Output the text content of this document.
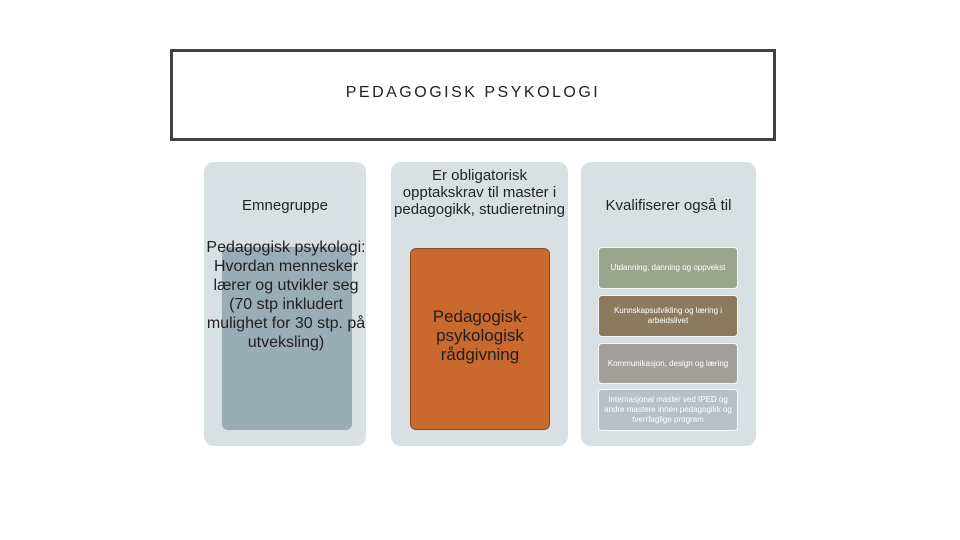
PEDAGOGISK PSYKOLOGI
Emnegruppe
Pedagogisk psykologi: Hvordan mennesker lærer og utvikler seg (70 stp inkludert mulighet for 30 stp. på utveksling)
Er obligatorisk opptakskrav til master i pedagogikk, studieretning
Pedagogisk-psykologisk rådgivning
Kvalifiserer også til
Utdanning, danning og oppvekst
Kunnskapsutvikling og læring i arbeidslivet
Kommunikasjon, design og læring
Internasjonal master ved IPED og andre mastere innen pedagogikk og tverrfaglige program
